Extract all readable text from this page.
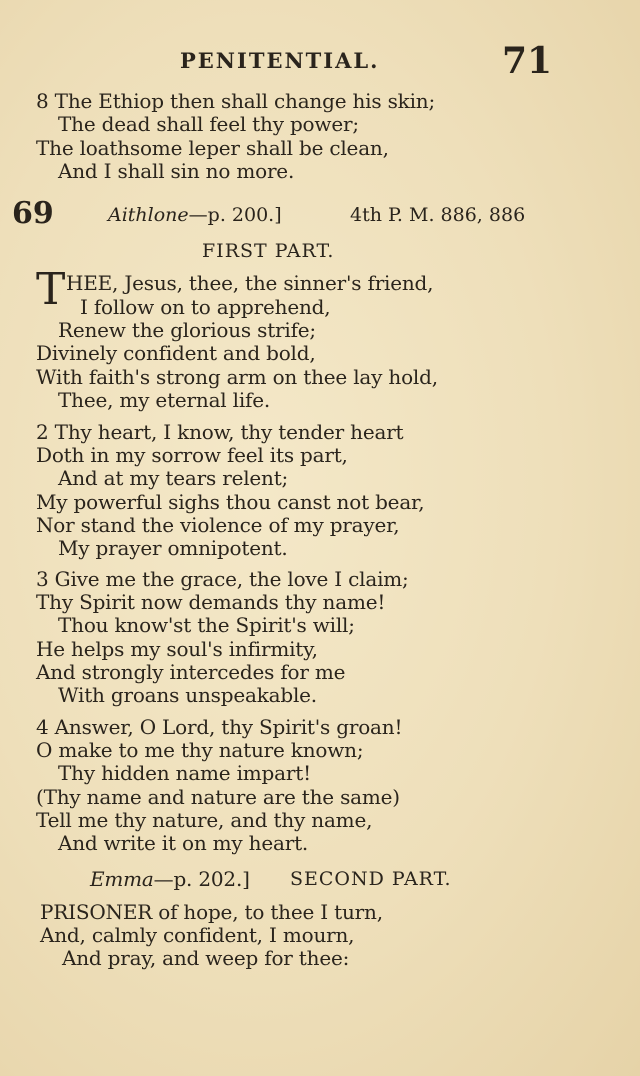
PENITENTIAL.	71
8 The Ethiop then shall change his skin;
The dead shall feel thy power;
The loathsome leper shall be clean,
And I shall sin no more.
69	Aithlone—p. 200.]	4th P. M. 886, 886
FIRST PART.
T HEE, Jesus, thee, the sinner's friend,
I follow on to apprehend,
Renew the glorious strife;
Divinely confident and bold,
With faith's strong arm on thee lay hold,
Thee, my eternal life.
2 Thy heart, I know, thy tender heart
Doth in my sorrow feel its part,
And at my tears relent;
My powerful sighs thou canst not bear,
Nor stand the violence of my prayer,
My prayer omnipotent.
3 Give me the grace, the love I claim;
Thy Spirit now demands thy name!
Thou know'st the Spirit's will;
He helps my soul's infirmity,
And strongly intercedes for me
With groans unspeakable.
4 Answer, O Lord, thy Spirit's groan!
O make to me thy nature known;
Thy hidden name impart!
(Thy name and nature are the same)
Tell me thy nature, and thy name,
And write it on my heart.
Emma—p. 202.] SECOND PART.
PRISONER of hope, to thee I turn,
And, calmly confident, I mourn,
And pray, and weep for thee:
